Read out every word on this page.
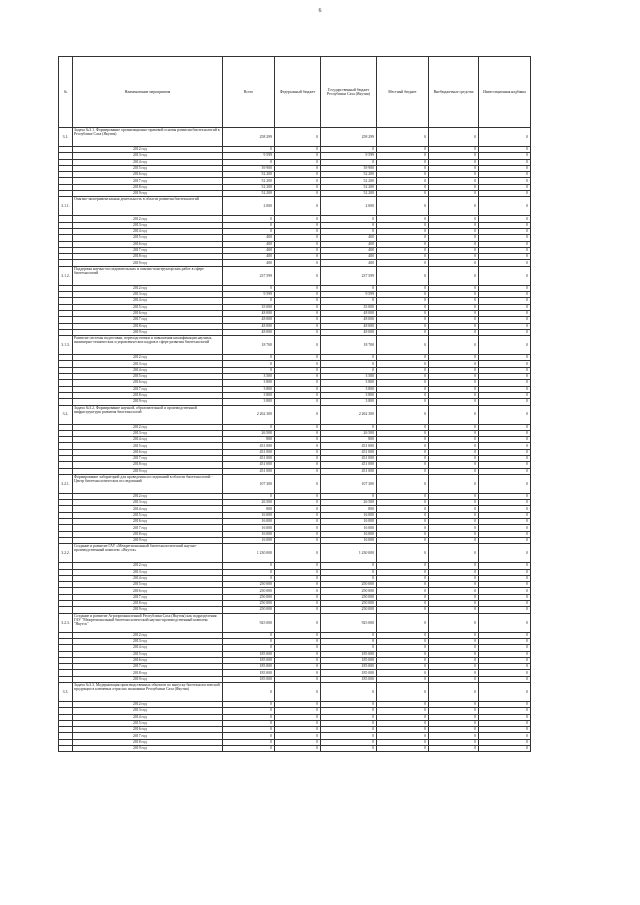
6
№	Наименование мероприятия	Всего	Федеральный бюджет	Государственный бюджет Республики Саха (Якутия)	Местный бюджет	Внебюджетные средства	Инвестиционная надбавка
3.1.	Задача №3.1. Формирование организационно-правовой основы развития биотехнологий в Республике Саха (Якутия)	258 299	0	258 299	0	0	0
	2012 год	0	0	0	0	0	0
	2013 год	9 599	0	9 599	0	0	0
	2014 год	0	0	0	0	0	0
	2015 год	39 900	0	39 900	0	0	0
	2016 год	52 200	0	52 200	0	0	0
	2017 год	52 200	0	52 200	0	0	0
	2018 год	52 200	0	52 200	0	0	0
	2019 год	52 200	0	52 200	0	0	0
3.1.1.	Опытно-экспериментальная деятельность в области развития биотехнологий	2 000	0	2 000	0	0	0
	2012 год	0	0	0	0	0	0
	2013 год	0	0	0	0	0	0
	2014 год	0	0	0	0	0	0
	2015 год	400	0	400	0	0	0
	2016 год	400	0	400	0	0	0
	2017 год	400	0	400	0	0	0
	2018 год	400	0	400	0	0	0
	2019 год	400	0	400	0	0	0
3.1.2.	Поддержка научно-исследовательских и опытно-конструкторских работ в сфере биотехнологий	237 599	0	237 599	0	0	0
	2012 год	0	0	0	0	0	0
	2013 год	9 599	0	9 599	0	0	0
	2014 год	0	0	0	0	0	0
	2015 год	35 000	0	35 000	0	0	0
	2016 год	48 000	0	48 000	0	0	0
	2017 год	48 000	0	48 000	0	0	0
	2018 год	48 000	0	48 000	0	0	0
	2019 год	48 000	0	48 000	0	0	0
3.1.3.	Развитие системы подготовки, переподготовки и повышения квалификации научных, инженерно-технических и управленческих кадров в сфере развития биотехнологий	18 700	0	18 700	0	0	0
	2012 год	0	0	0	0	0	0
	2013 год	0	0	0	0	0	0
	2014 год	0	0	0	0	0	0
	2015 год	3 500	0	3 500	0	0	0
	2016 год	3 800	0	3 800	0	0	0
	2017 год	3 800	0	3 800	0	0	0
	2018 год	3 800	0	3 800	0	0	0
	2019 год	3 800	0	3 800	0	0	0
3.2.	Задача №3.2. Формирование научной, образовательной и производственной инфраструктуры развития биотехнологий	2 262 300	0	2 262 300	0	0	0
	2012 год	0	0	0	0	0	0
	2013 год	26 500	0	26 500	0	0	0
	2014 год	800	0	800	0	0	0
	2015 год	451 000	0	451 000	0	0	0
	2016 год	451 000	0	451 000	0	0	0
	2017 год	451 000	0	451 000	0	0	0
	2018 год	451 000	0	451 000	0	0	0
	2019 год	451 000	0	451 000	0	0	0
3.2.1.	Формирование лабораторий для проведения исследований в области биотехнологий - Центр биотехнологических исследований	107 300	0	107 300	0	0	0
	2012 год	0	0	0	0	0	0
	2013 год	26 500	0	26 500	0	0	0
	2014 год	800	0	800	0	0	0
	2015 год	16 000	0	16 000	0	0	0
	2016 год	16 000	0	16 000	0	0	0
	2017 год	16 000	0	16 000	0	0	0
	2018 год	16 000	0	16 000	0	0	0
	2019 год	16 000	0	16 000	0	0	0
3.2.2.	Создание и развитие ГАУ «Межрегиональный биотехнологический научно-производственный комплекс «Якутск»	1 230 000	0	1 230 000	0	0	0
	2012 год	0	0	0	0	0	0
	2013 год	0	0	0	0	0	0
	2014 год	0	0	0	0	0	0
	2015 год	250 000	0	250 000	0	0	0
	2016 год	250 000	0	250 000	0	0	0
	2017 год	250 000	0	250 000	0	0	0
	2018 год	250 000	0	250 000	0	0	0
	2019 год	250 000	0	250 000	0	0	0
3.2.3.	Создание и развитие Агропромышленной Республики Саха (Якутия) как подразделения ГАУ "Межрегиональный биотехнологический научно-производственный комплекс "Якутск"	925 000	0	925 000	0	0	0
	2012 год	0	0	0	0	0	0
	2013 год	0	0	0	0	0	0
	2014 год	0	0	0	0	0	0
	2015 год	185 000	0	185 000	0	0	0
	2016 год	185 000	0	185 000	0	0	0
	2017 год	185 000	0	185 000	0	0	0
	2018 год	185 000	0	185 000	0	0	0
	2019 год	185 000	0	185 000	0	0	0
3.3.	Задача №3.3. Модернизация производственных объектов по выпуску биотехнологической продукции в ключевых отраслях экономики Республики Саха (Якутия)	0	0	0	0	0	0
	2012 год	0	0	0	0	0	0
	2013 год	0	0	0	0	0	0
	2014 год	0	0	0	0	0	0
	2015 год	0	0	0	0	0	0
	2016 год	0	0	0	0	0	0
	2017 год	0	0	0	0	0	0
	2018 год	0	0	0	0	0	0
	2019 год	0	0	0	0	0	0
